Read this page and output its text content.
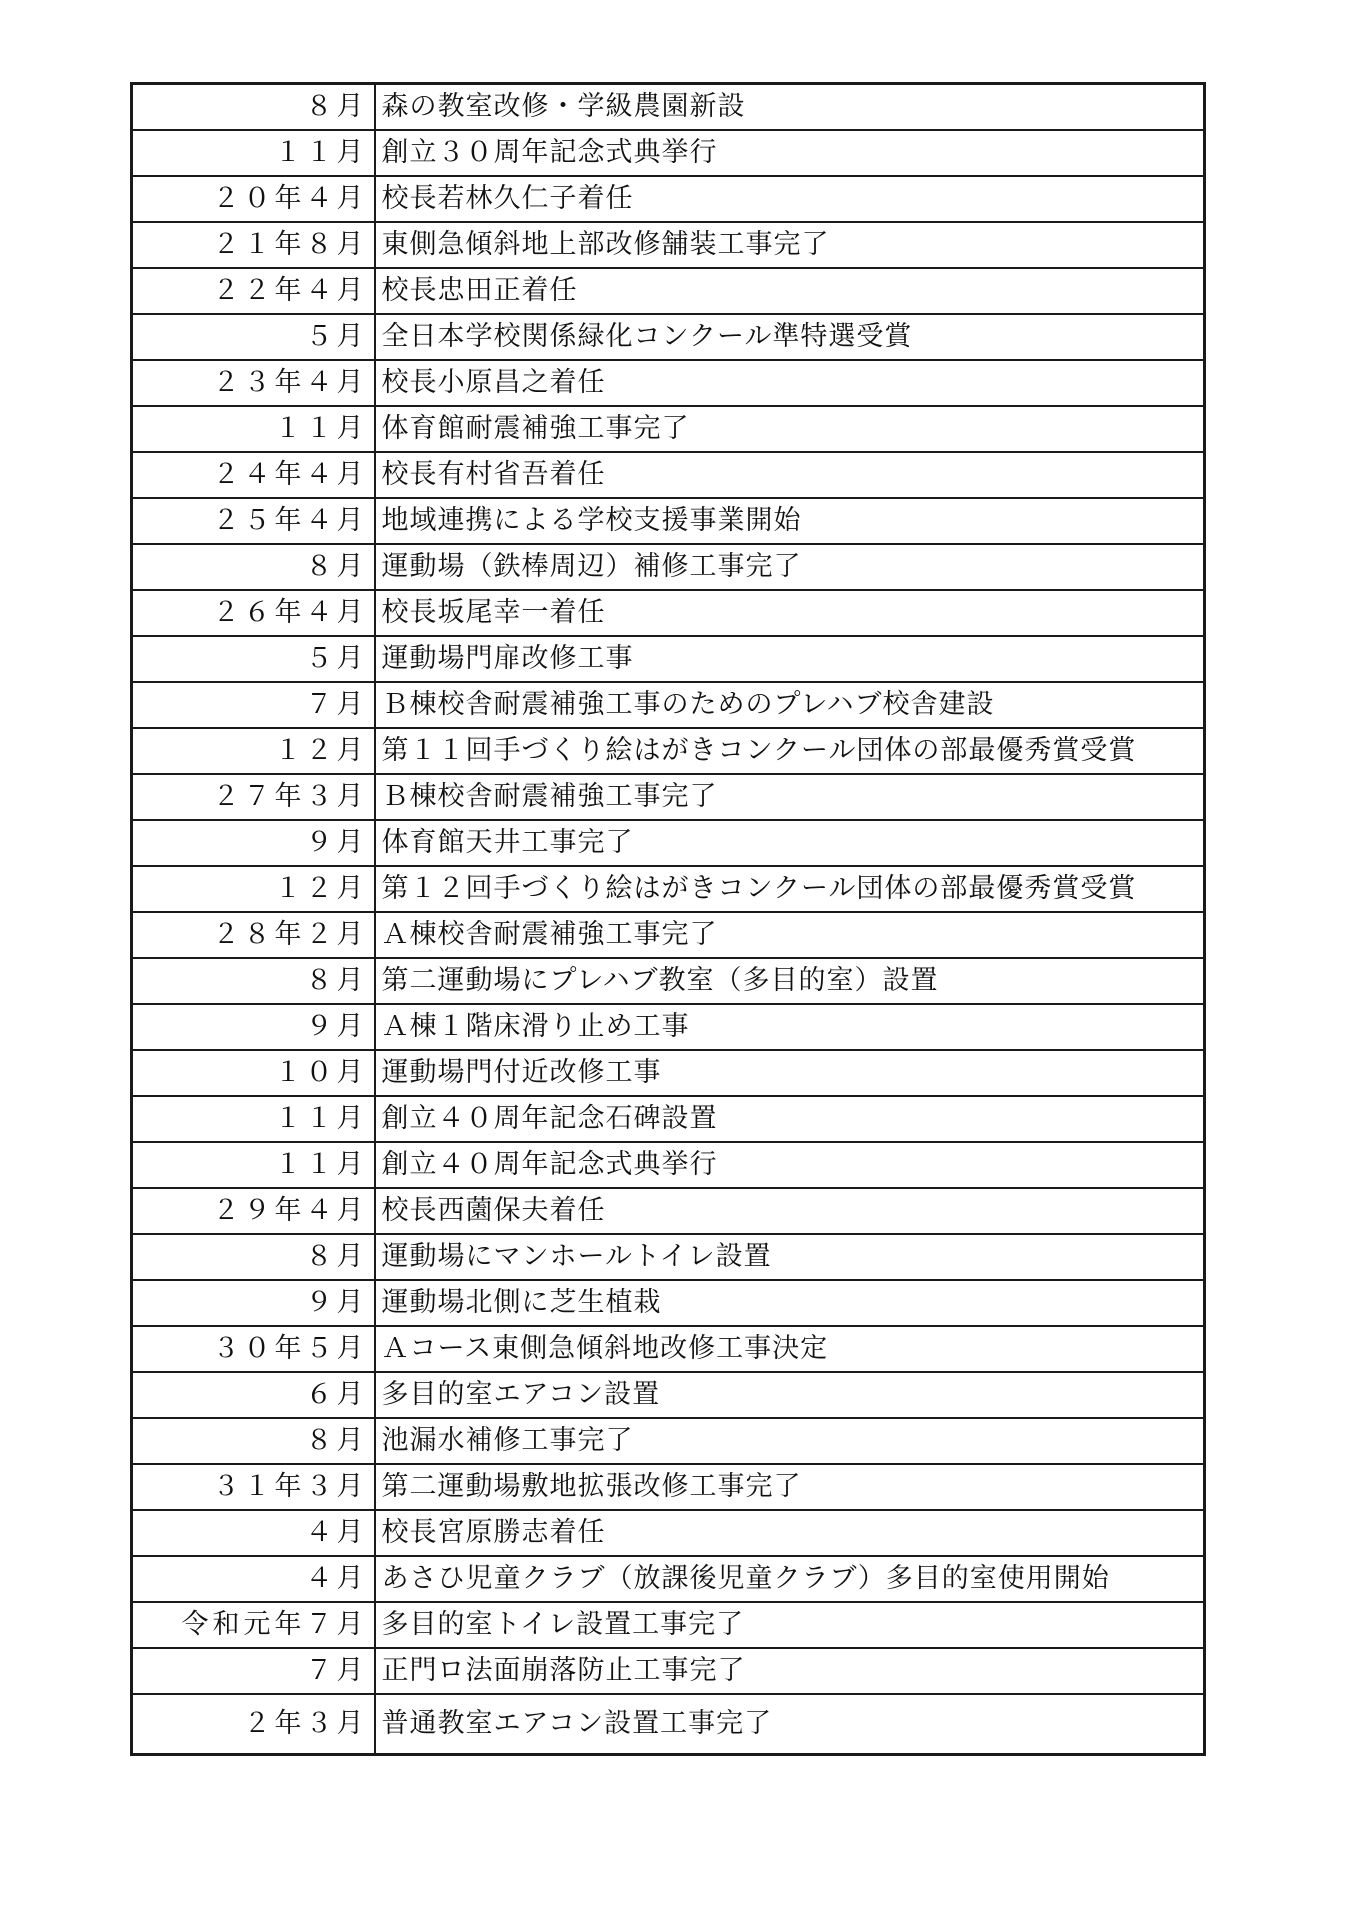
８月	森の教室改修・学級農園新設
１１月	創立３０周年記念式典挙行
２０年４月	校長若林久仁子着任
２１年８月	東側急傾斜地上部改修舗装工事完了
２２年４月	校長忠田正着任
５月	全日本学校関係緑化コンクール準特選受賞
２３年４月	校長小原昌之着任
１１月	体育館耐震補強工事完了
２４年４月	校長有村省吾着任
２５年４月	地域連携による学校支援事業開始
８月	運動場（鉄棒周辺）補修工事完了
２６年４月	校長坂尾幸一着任
５月	運動場門扉改修工事
７月	Ｂ棟校舎耐震補強工事のためのプレハブ校舎建設
１２月	第１１回手づくり絵はがきコンクール団体の部最優秀賞受賞
２７年３月	Ｂ棟校舎耐震補強工事完了
９月	体育館天井工事完了
１２月	第１２回手づくり絵はがきコンクール団体の部最優秀賞受賞
２８年２月	Ａ棟校舎耐震補強工事完了
８月	第二運動場にプレハブ教室（多目的室）設置
９月	Ａ棟１階床滑り止め工事
１０月	運動場門付近改修工事
１１月	創立４０周年記念石碑設置
１１月	創立４０周年記念式典挙行
２９年４月	校長西薗保夫着任
８月	運動場にマンホールトイレ設置
９月	運動場北側に芝生植栽
３０年５月	Ａコース東側急傾斜地改修工事決定
６月	多目的室エアコン設置
８月	池漏水補修工事完了
３１年３月	第二運動場敷地拡張改修工事完了
４月	校長宮原勝志着任
４月	あさひ児童クラブ（放課後児童クラブ）多目的室使用開始
令和元年７月	多目的室トイレ設置工事完了
７月	正門ロ法面崩落防止工事完了
２年３月	普通教室エアコン設置工事完了
